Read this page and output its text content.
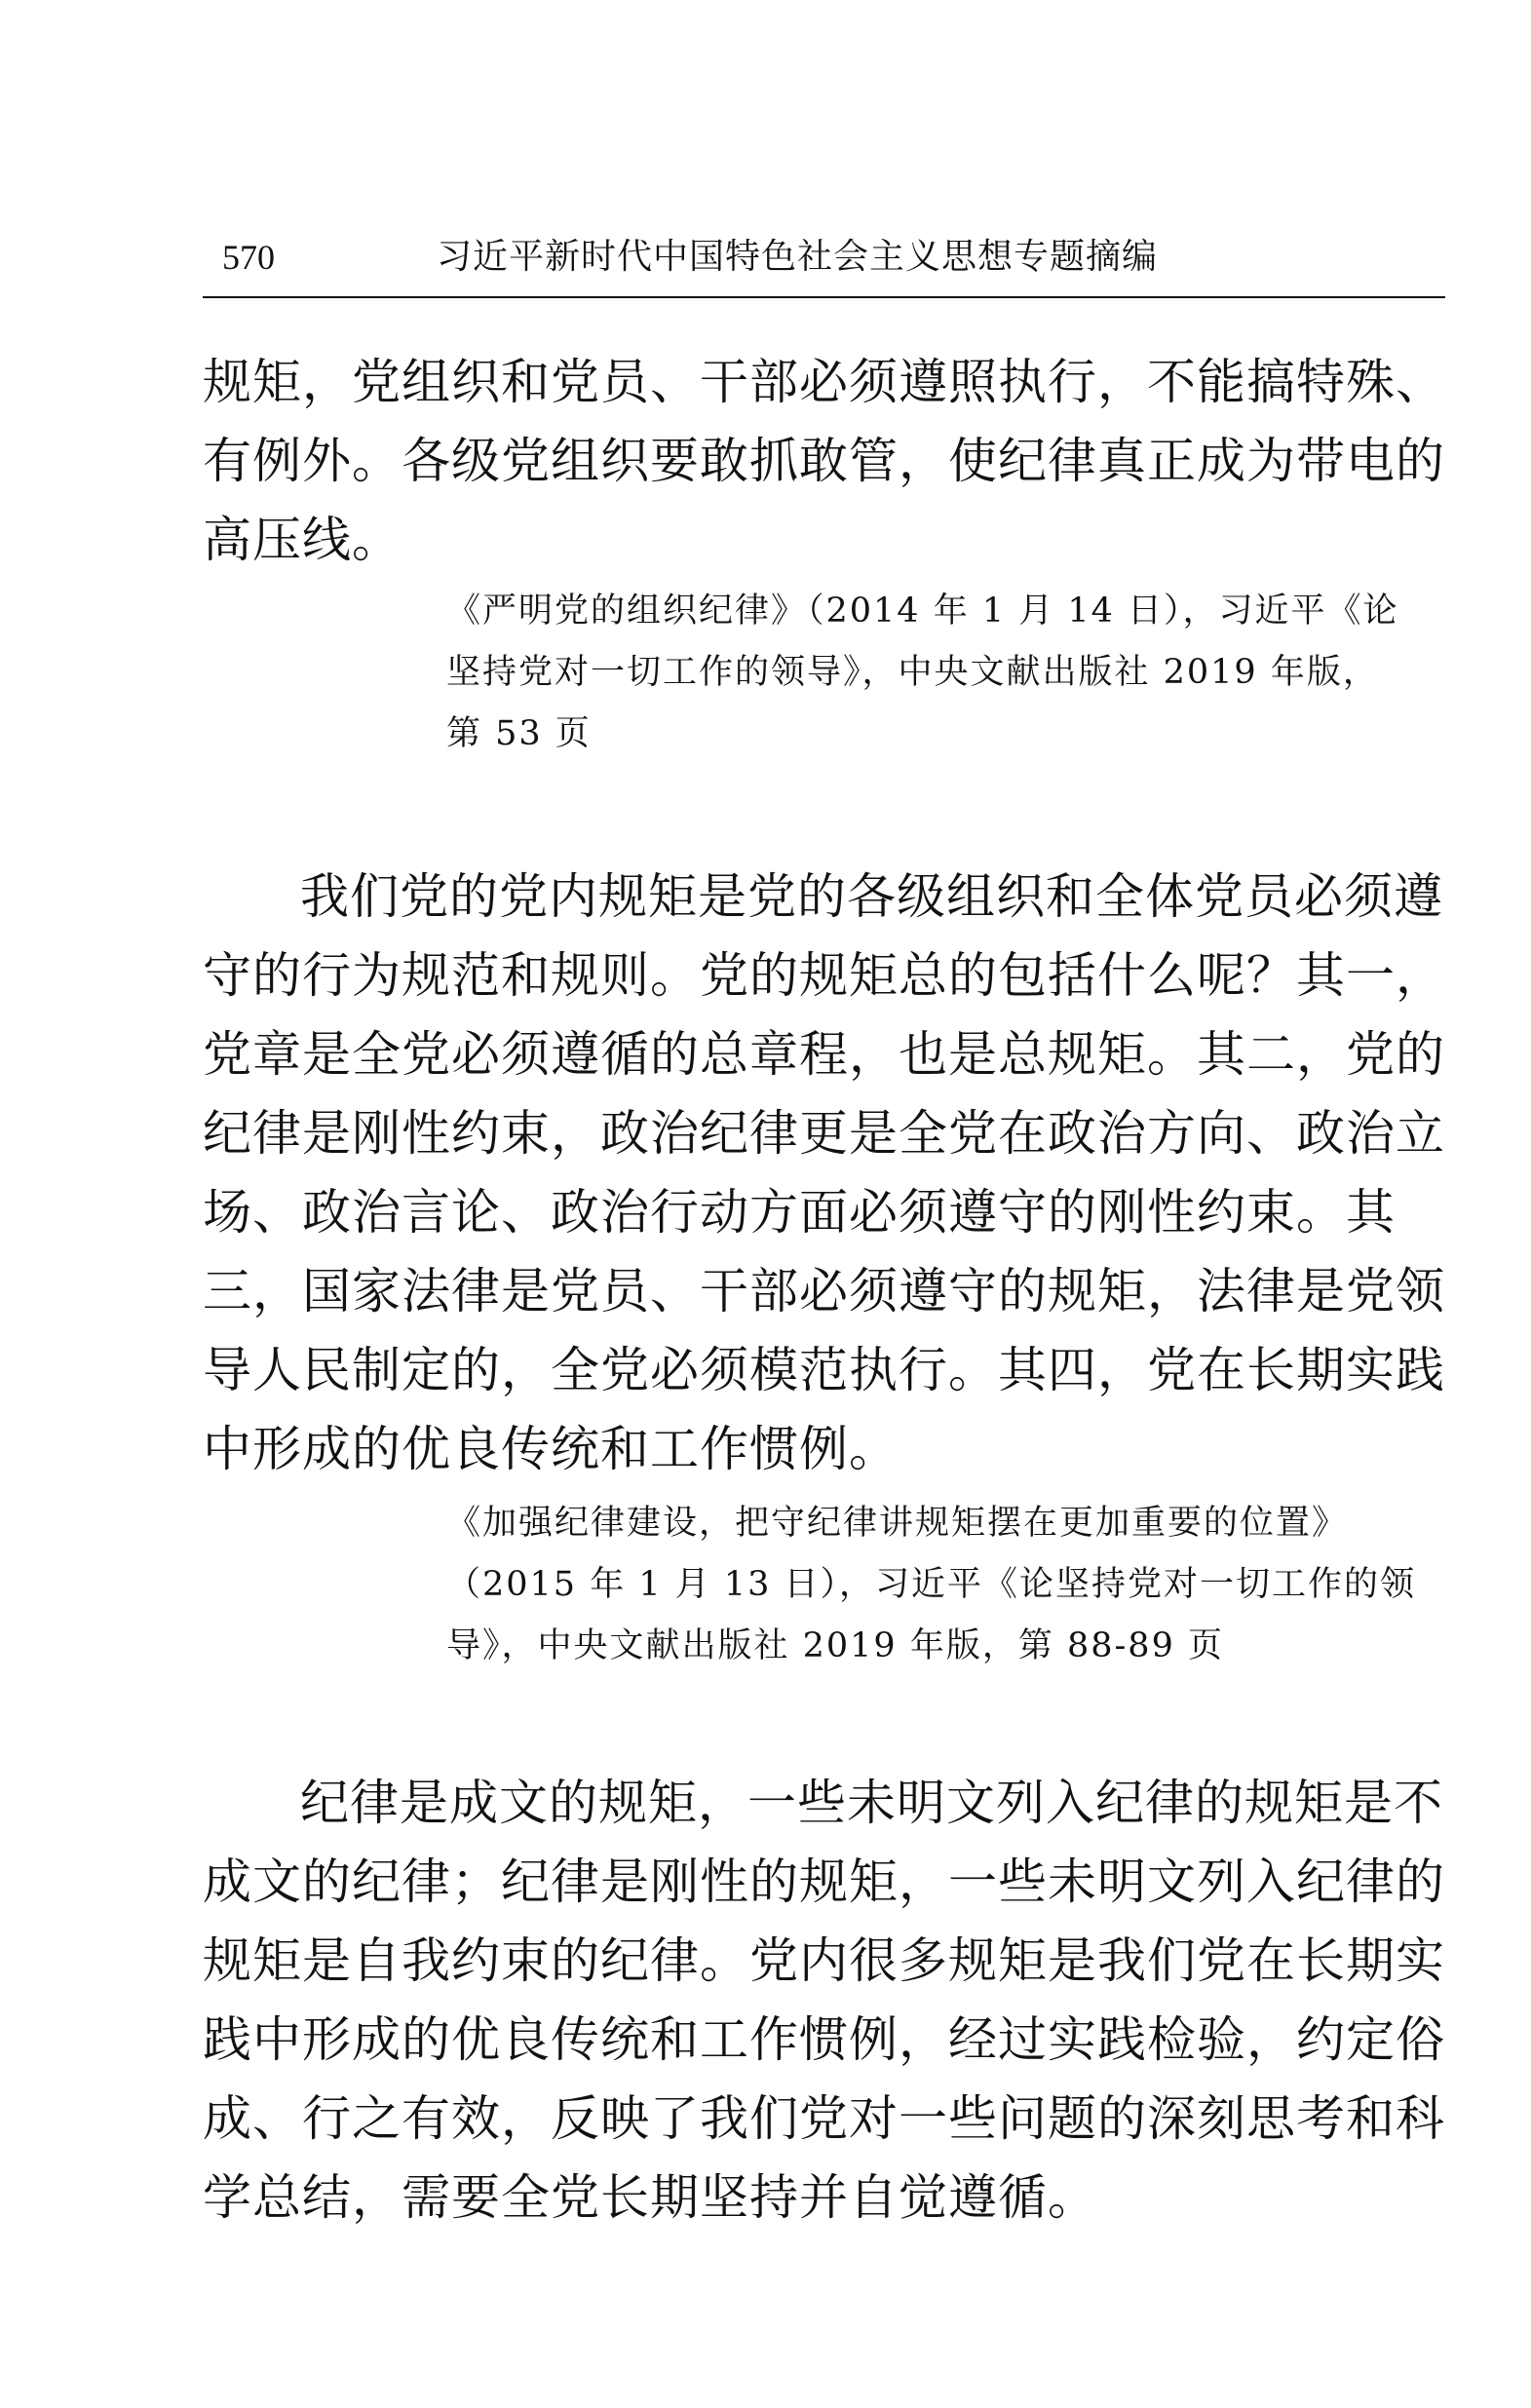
570	习近平新时代中国特色社会主义思想专题摘编

规矩，党组织和党员、干部必须遵照执行，不能搞特殊、
有例外。各级党组织要敢抓敢管，使纪律真正成为带电的
高压线。

《严明党的组织纪律》（2014 年 1 月 14 日），习近平《论
坚持党对一切工作的领导》，中央文献出版社 2019 年版，
第 53 页

我们党的党内规矩是党的各级组织和全体党员必须遵
守的行为规范和规则。党的规矩总的包括什么呢？其一，
党章是全党必须遵循的总章程，也是总规矩。其二，党的
纪律是刚性约束，政治纪律更是全党在政治方向、政治立
场、政治言论、政治行动方面必须遵守的刚性约束。其
三，国家法律是党员、干部必须遵守的规矩，法律是党领
导人民制定的，全党必须模范执行。其四，党在长期实践
中形成的优良传统和工作惯例。

《加强纪律建设，把守纪律讲规矩摆在更加重要的位置》
（2015 年 1 月 13 日），习近平《论坚持党对一切工作的领
导》，中央文献出版社 2019 年版，第 88-89 页

纪律是成文的规矩，一些未明文列入纪律的规矩是不
成文的纪律；纪律是刚性的规矩，一些未明文列入纪律的
规矩是自我约束的纪律。党内很多规矩是我们党在长期实
践中形成的优良传统和工作惯例，经过实践检验，约定俗
成、行之有效，反映了我们党对一些问题的深刻思考和科
学总结，需要全党长期坚持并自觉遵循。
